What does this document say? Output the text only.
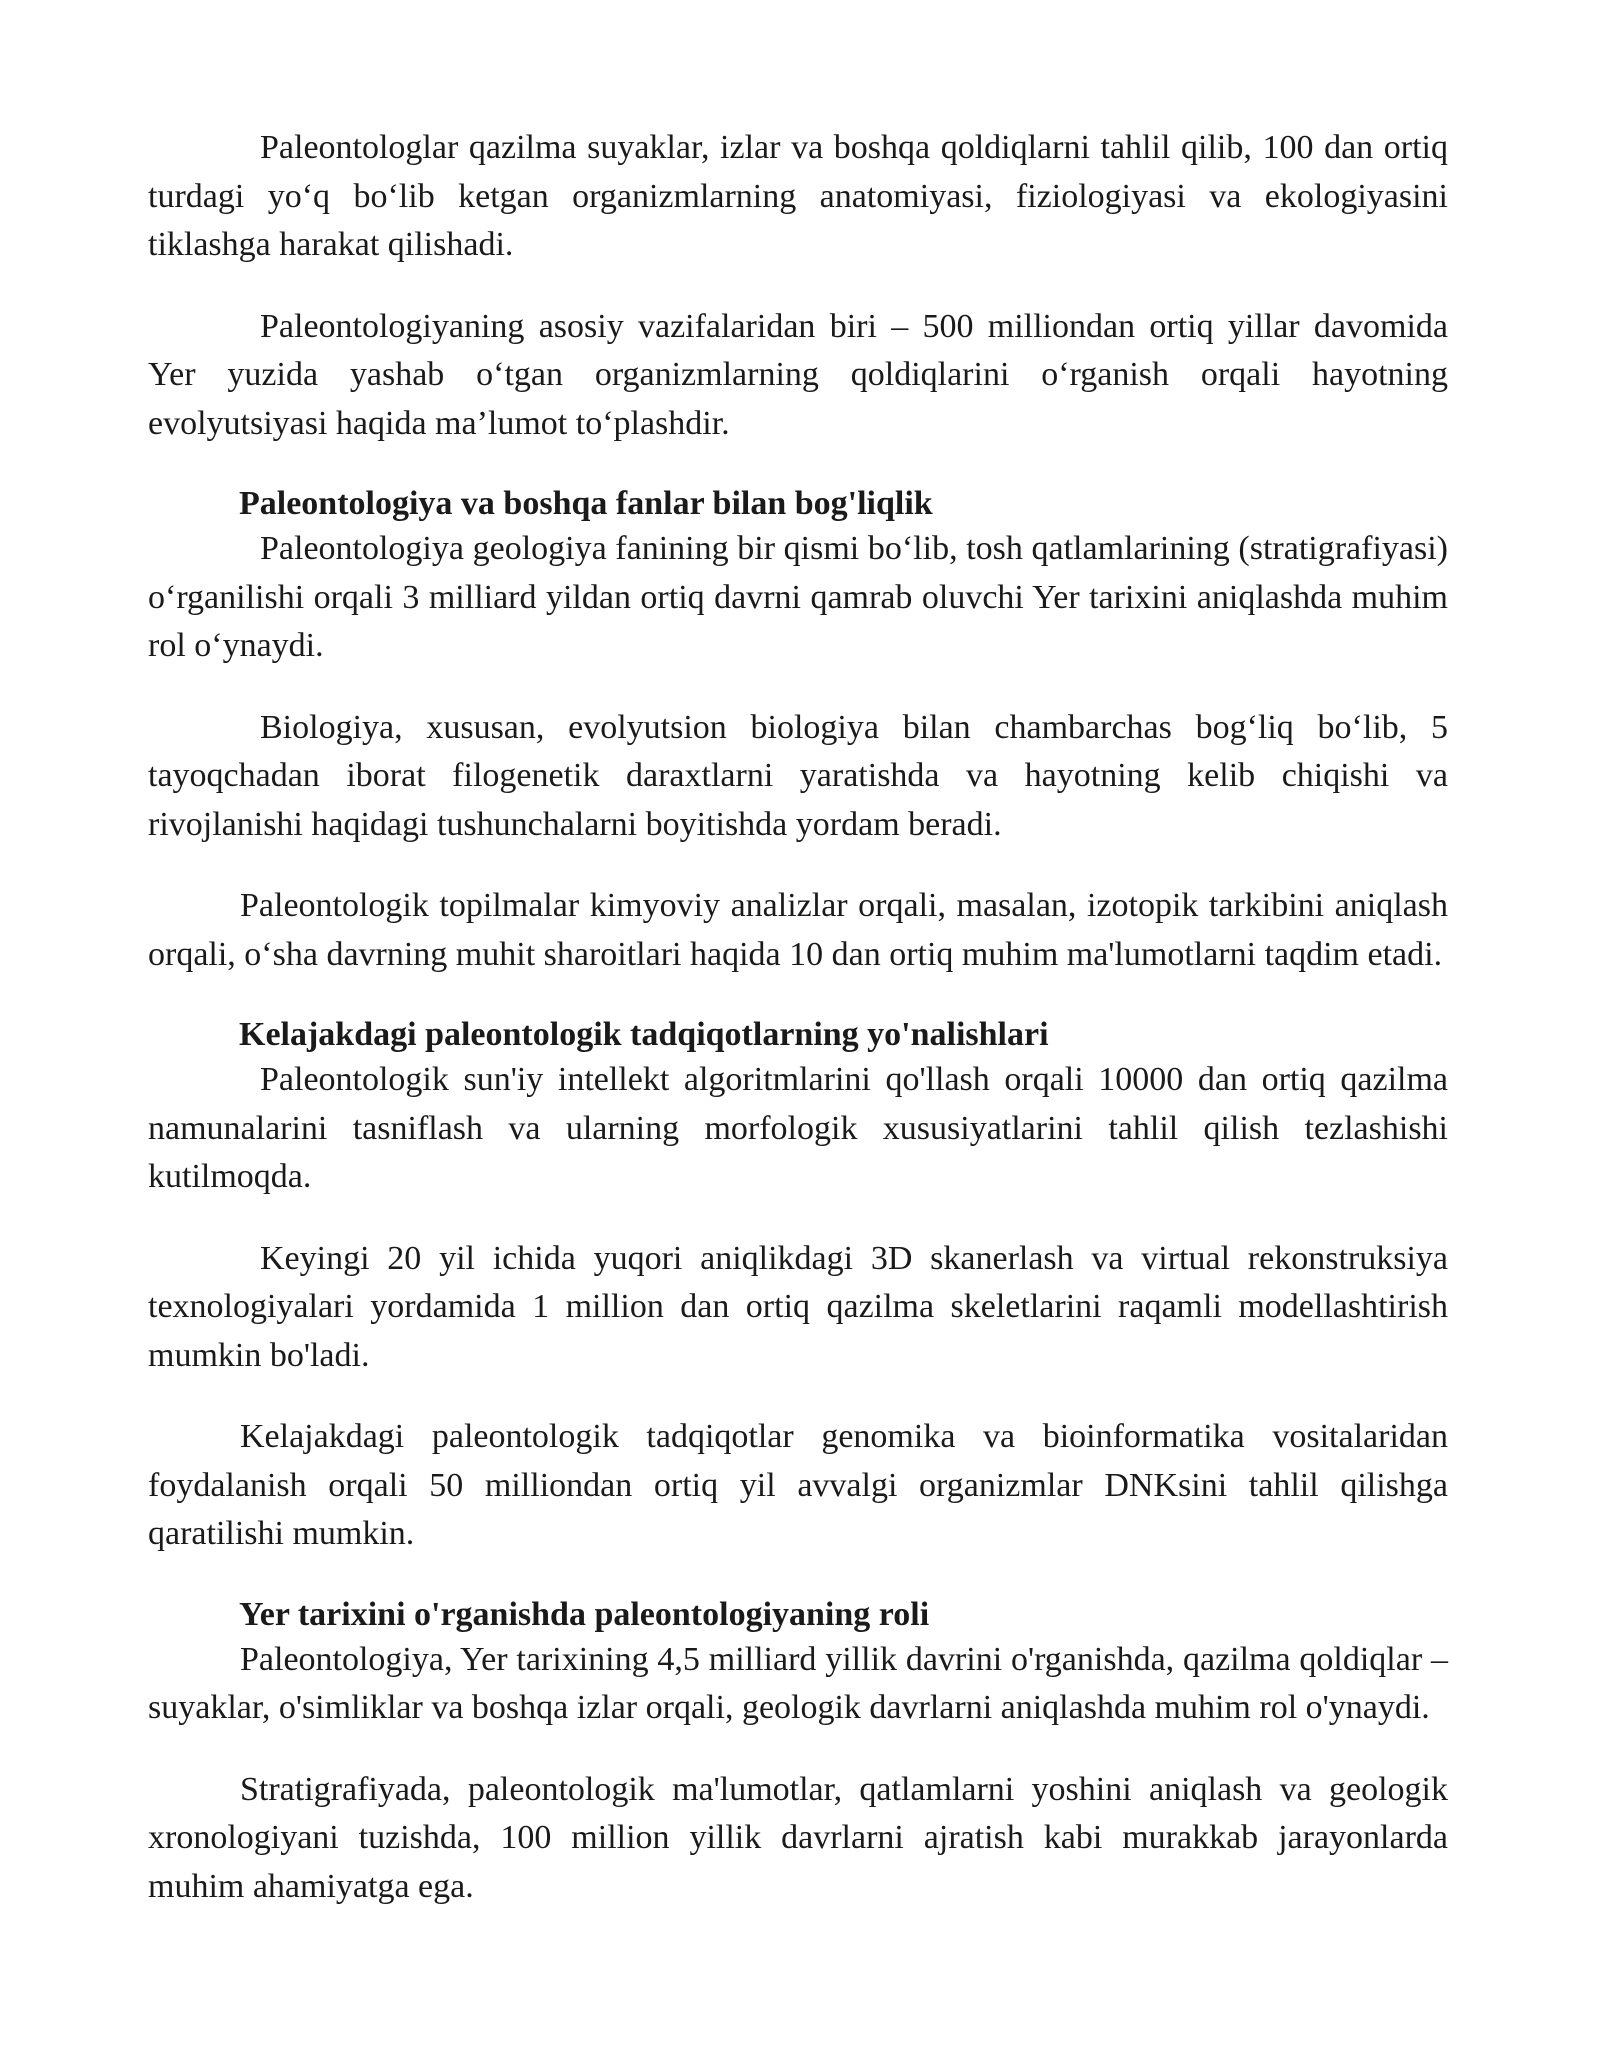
Paleontologlar qazilma suyaklar, izlar va boshqa qoldiqlarni tahlil qilib, 100 dan ortiq turdagi yo‘q bo‘lib ketgan organizmlarning anatomiyasi, fiziologiyasi va ekologiyasini tiklashga harakat qilishadi.

Paleontologiyaning asosiy vazifalaridan biri – 500 milliondan ortiq yillar davomida Yer yuzida yashab o‘tgan organizmlarning qoldiqlarini o‘rganish orqali hayotning evolyutsiyasi haqida ma’lumot to‘plashdir.

Paleontologiya va boshqa fanlar bilan bog'liqlik

Paleontologiya geologiya fanining bir qismi bo‘lib, tosh qatlamlarining (stratigrafiyasi) o‘rganilishi orqali 3 milliard yildan ortiq davrni qamrab oluvchi Yer tarixini aniqlashda muhim rol o‘ynaydi.

Biologiya, xususan, evolyutsion biologiya bilan chambarchas bog‘liq bo‘lib, 5 tayoqchadan iborat filogenetik daraxtlarni yaratishda va hayotning kelib chiqishi va rivojlanishi haqidagi tushunchalarni boyitishda yordam beradi.

Paleontologik topilmalar kimyoviy analizlar orqali, masalan, izotopik tarkibini aniqlash orqali, o‘sha davrning muhit sharoitlari haqida 10 dan ortiq muhim ma'lumotlarni taqdim etadi.

Kelajakdagi paleontologik tadqiqotlarning yo'nalishlari

Paleontologik sun'iy intellekt algoritmlarini qo'llash orqali 10000 dan ortiq qazilma namunalarini tasniflash va ularning morfologik xususiyatlarini tahlil qilish tezlashishi kutilmoqda.

Keyingi 20 yil ichida yuqori aniqlikdagi 3D skanerlash va virtual rekonstruksiya texnologiyalari yordamida 1 million dan ortiq qazilma skeletlarini raqamli modellashtirish mumkin bo'ladi.

Kelajakdagi paleontologik tadqiqotlar genomika va bioinformatika vositalaridan foydalanish orqali 50 milliondan ortiq yil avvalgi organizmlar DNKsini tahlil qilishga qaratilishi mumkin.

Yer tarixini o'rganishda paleontologiyaning roli

Paleontologiya, Yer tarixining 4,5 milliard yillik davrini o'rganishda, qazilma qoldiqlar – suyaklar, o'simliklar va boshqa izlar orqali, geologik davrlarni aniqlashda muhim rol o'ynaydi.

Stratigrafiyada, paleontologik ma'lumotlar, qatlamlarni yoshini aniqlash va geologik xronologiyani tuzishda, 100 million yillik davrlarni ajratish kabi murakkab jarayonlarda muhim ahamiyatga ega.
